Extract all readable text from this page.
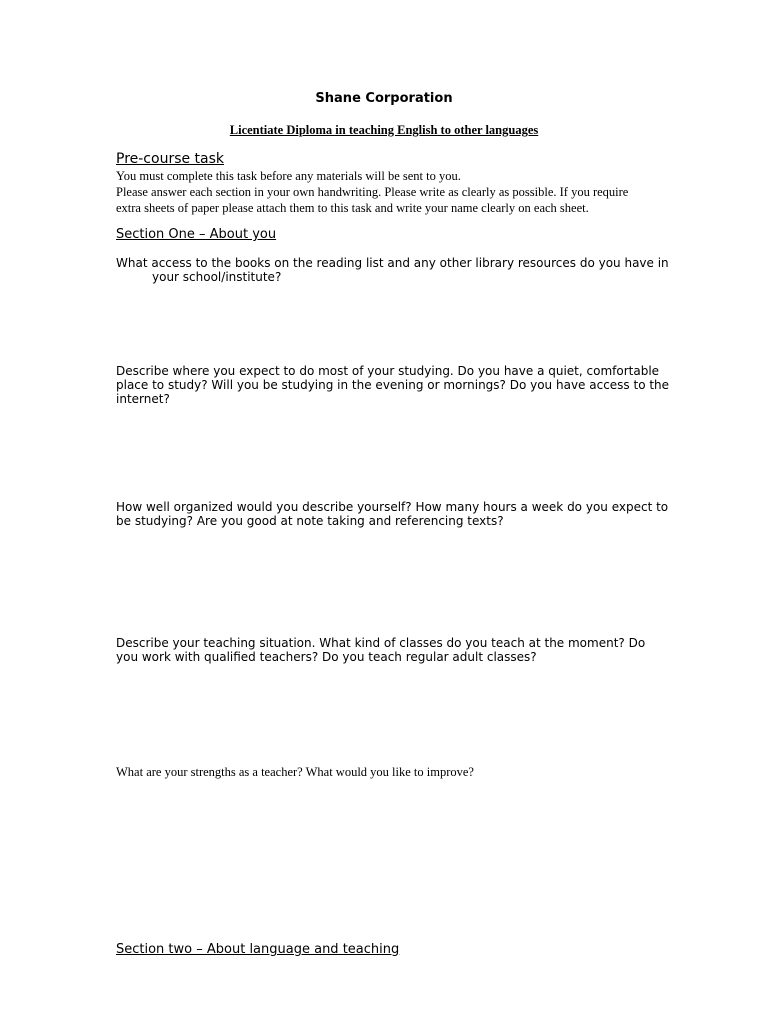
Shane Corporation
Licentiate Diploma in teaching English to other languages
Pre-course task
You must complete this task before any materials will be sent to you.
Please answer each section in your own handwriting. Please write as clearly as possible. If you require
extra sheets of paper please attach them to this task and write your name clearly on each sheet.
Section One – About you
What access to the books on the reading list and any other library resources do you have in
your school/institute?
Describe where you expect to do most of your studying. Do you have a quiet, comfortable
place to study? Will you be studying in the evening or mornings? Do you have access to the
internet?
How well organized would you describe yourself? How many hours a week do you expect to
be studying? Are you good at note taking and referencing texts?
Describe your teaching situation. What kind of classes do you teach at the moment? Do
you work with qualified teachers? Do you teach regular adult classes?
What are your strengths as a teacher? What would you like to improve?
Section two – About language and teaching
